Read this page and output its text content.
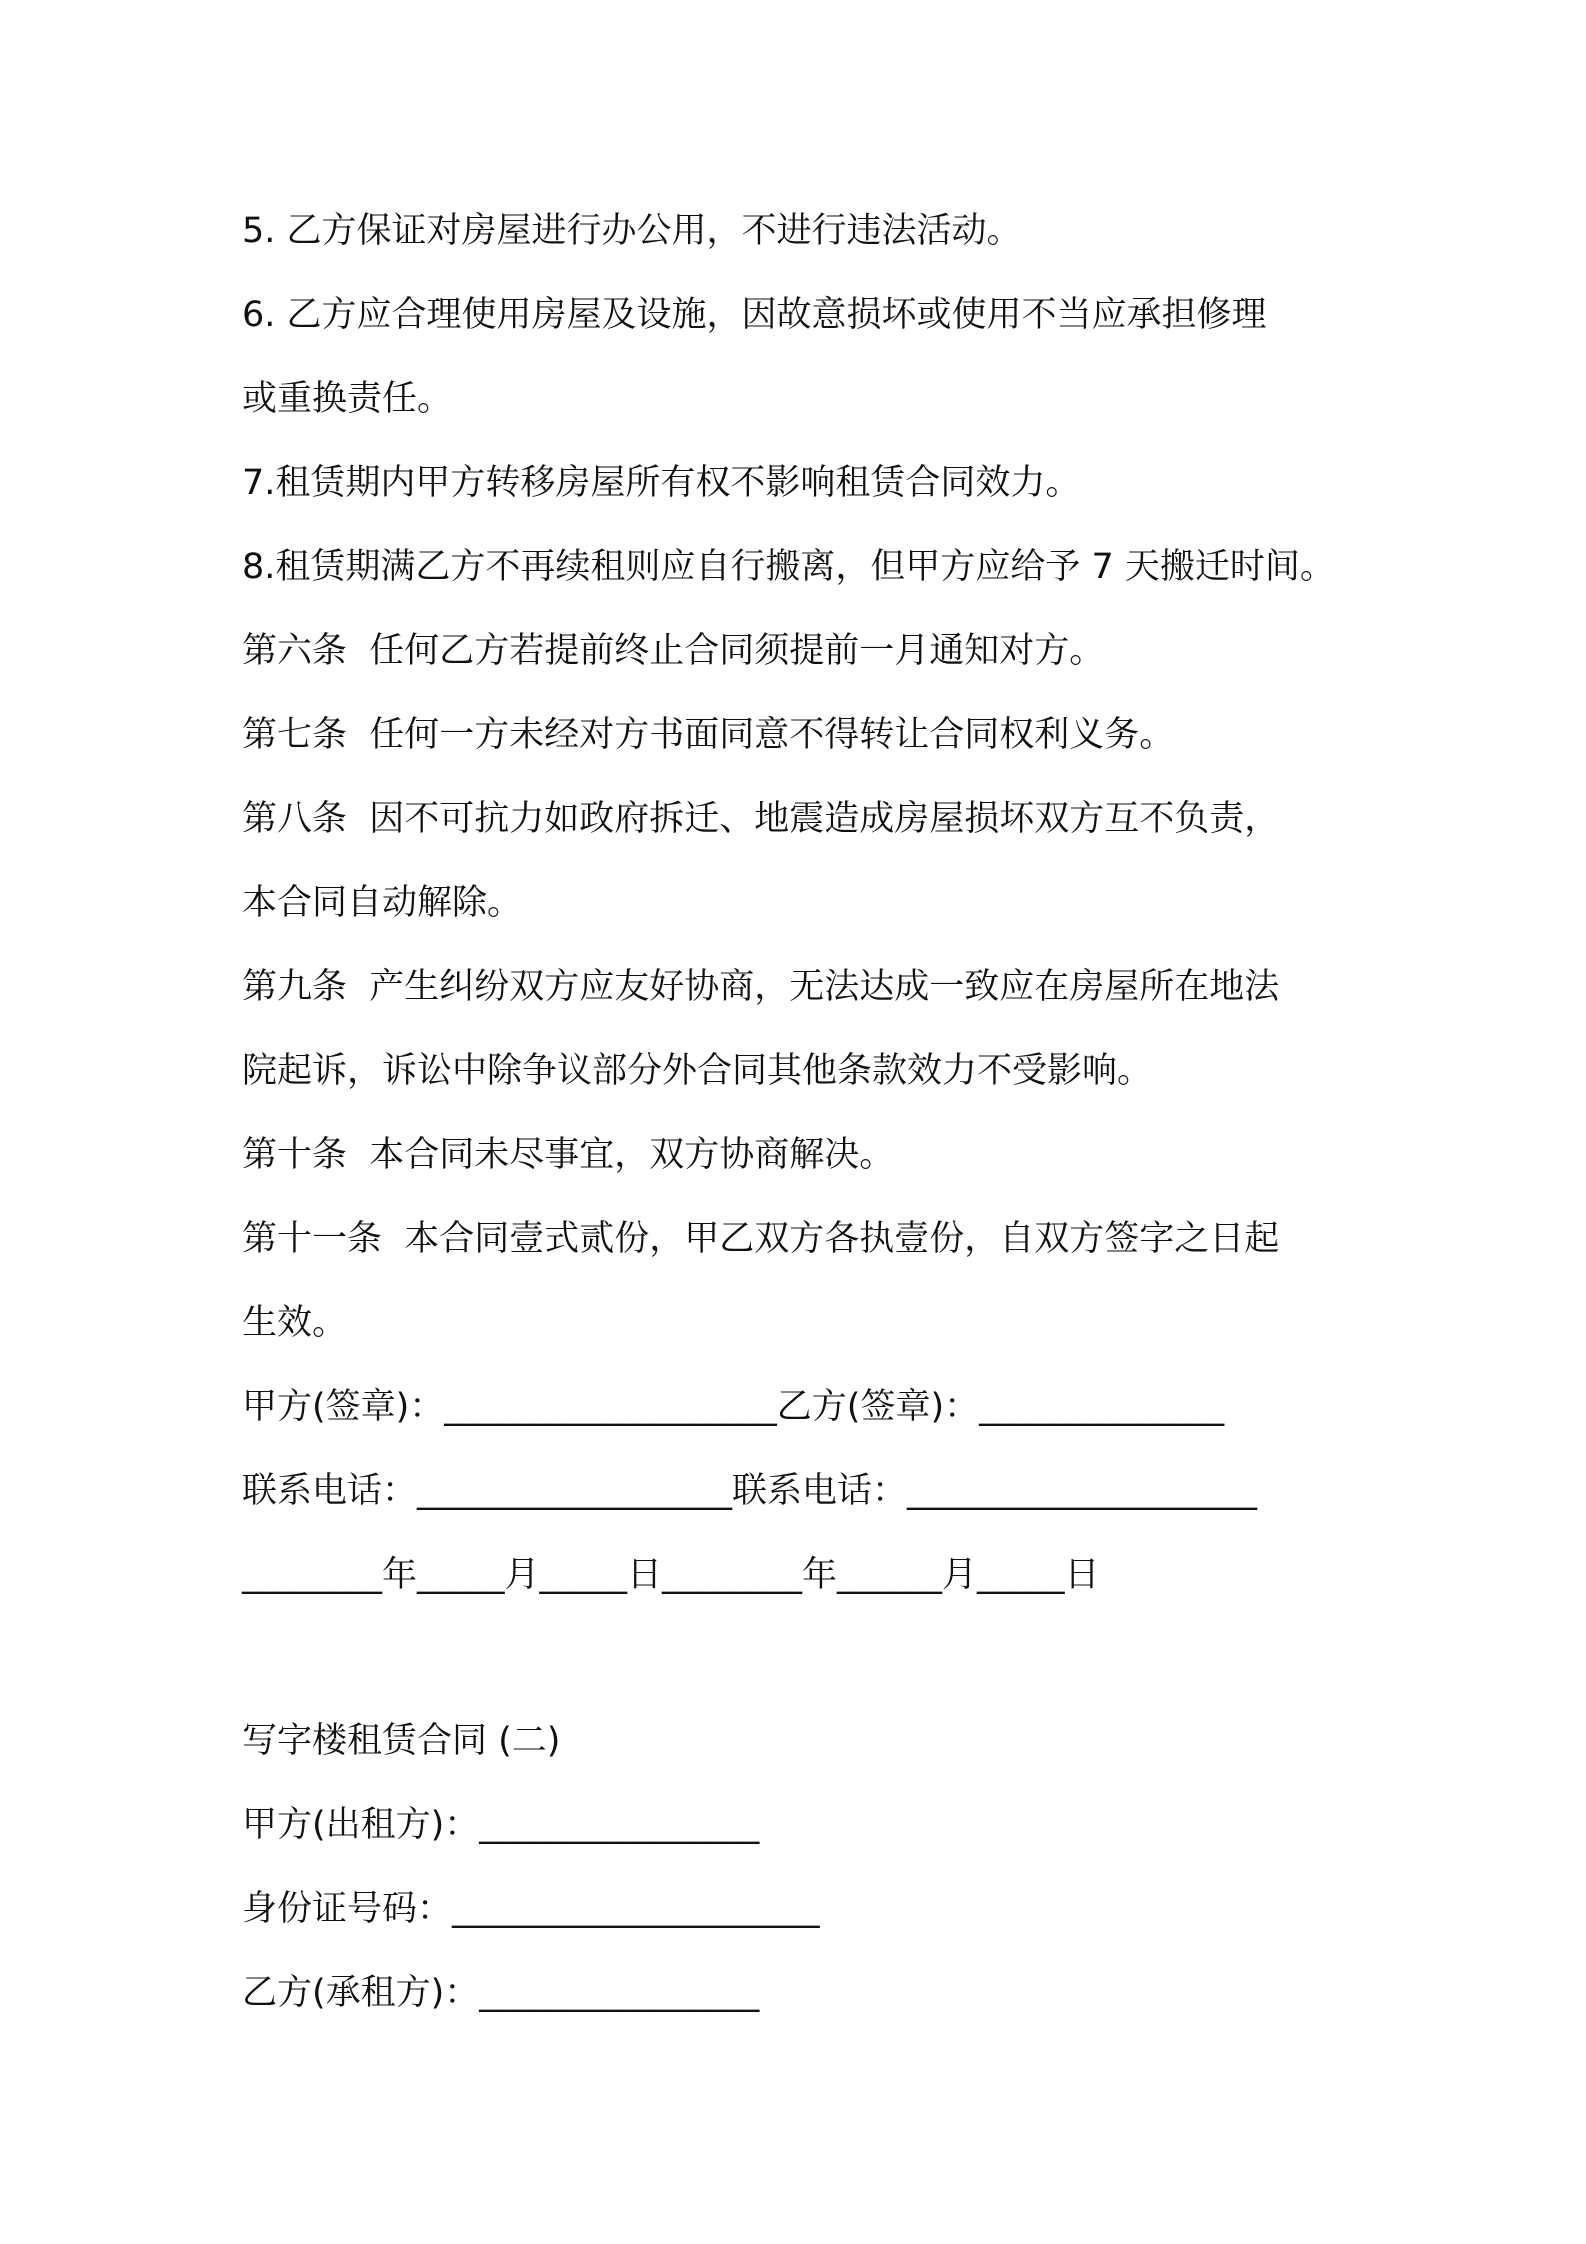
5. 乙方保证对房屋进行办公用，不进行违法活动。
6. 乙方应合理使用房屋及设施，因故意损坏或使用不当应承担修理
或重换责任。
7.租赁期内甲方转移房屋所有权不影响租赁合同效力。
8.租赁期满乙方不再续租则应自行搬离，但甲方应给予 7 天搬迁时间。
第六条  任何乙方若提前终止合同须提前一月通知对方。
第七条  任何一方未经对方书面同意不得转让合同权利义务。
第八条  因不可抗力如政府拆迁、地震造成房屋损坏双方互不负责，
本合同自动解除。
第九条  产生纠纷双方应友好协商，无法达成一致应在房屋所在地法
院起诉，诉讼中除争议部分外合同其他条款效力不受影响。
第十条  本合同未尽事宜，双方协商解决。
第十一条  本合同壹式贰份，甲乙双方各执壹份，自双方签字之日起
生效。
甲方(签章)：___________________乙方(签章)：______________
联系电话：__________________联系电话：____________________
________年_____月_____日________年______月_____日
写字楼租赁合同 (二)
甲方(出租方)：________________
身份证号码：_____________________
乙方(承租方)：________________
